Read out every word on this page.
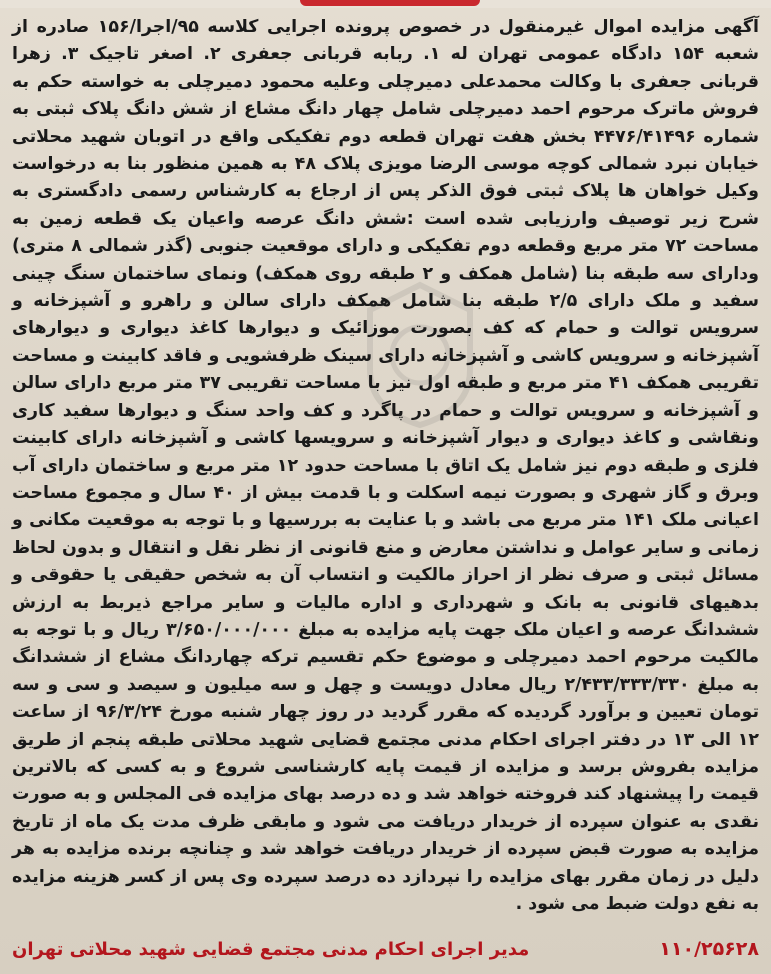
آگهی مزایده اموال غیرمنقول در خصوص پرونده اجرایی کلاسه ۹۵/اجرا/۱۵۶ صادره از شعبه ۱۵۴ دادگاه عمومی تهران له ۱. ربابه قربانی جعفری ۲. اصغر تاجیک ۳. زهرا قربانی جعفری با وکالت محمدعلی دمیرچلی وعلیه محمود دمیرچلی به خواسته حکم به فروش ماترک مرحوم احمد دمیرچلی شامل چهار دانگ مشاع از شش دانگ پلاک ثبتی به شماره ۴۴۷۶/۴۱۴۹۶ بخش هفت تهران قطعه دوم تفکیکی واقع در اتوبان شهید محلاتی خیابان نبرد شمالی کوچه موسی الرضا مویزی پلاک ۴۸ به همین منظور بنا به درخواست وکیل خواهان ها پلاک ثبتی فوق الذکر پس از ارجاع به کارشناس رسمی دادگستری به شرح زیر توصیف وارزیابی شده است :شش دانگ عرصه واعیان یک قطعه زمین به مساحت ۷۲ متر مربع وقطعه دوم تفکیکی و دارای موقعیت جنوبی (گذر شمالی ۸ متری) ودارای سه طبقه بنا (شامل همکف و ۲ طبقه روی همکف) ونمای ساختمان سنگ چینی سفید و ملک دارای ۲/۵ طبقه بنا شامل همکف دارای سالن و راهرو و آشپزخانه و سرویس توالت و حمام که کف بصورت موزائیک و دیوارها کاغذ دیواری و دیوارهای آشپزخانه و سرویس کاشی و آشپزخانه دارای سینک ظرفشویی و فاقد کابینت و مساحت تقریبی همکف ۴۱ متر مربع و طبقه اول نیز با مساحت تقریبی ۳۷ متر مربع دارای سالن و آشپزخانه و سرویس توالت و حمام در پاگرد و کف واحد سنگ و دیوارها سفید کاری ونقاشی و کاغذ دیواری و دیوار آشپزخانه و سرویسها کاشی و آشپزخانه دارای کابینت فلزی و طبقه دوم نیز شامل یک اتاق با مساحت حدود ۱۲ متر مربع و ساختمان دارای آب وبرق و گاز شهری و بصورت نیمه اسکلت و با قدمت بیش از ۴۰ سال و مجموع مساحت اعیانی ملک ۱۴۱ متر مربع می باشد و با عنایت به بررسیها و با توجه به موقعیت مکانی و زمانی و سایر عوامل و نداشتن معارض و منع قانونی از نظر نقل و انتقال و بدون لحاظ مسائل ثبتی و صرف نظر از احراز مالکیت و انتساب آن به شخص حقیقی یا حقوقی و بدهیهای قانونی به بانک و شهرداری و اداره مالیات و سایر مراجع ذیربط به ارزش ششدانگ عرصه و اعیان ملک جهت پایه مزایده به مبلغ ۳/۶۵۰/۰۰۰/۰۰۰ ریال و با توجه به مالکیت مرحوم احمد دمیرچلی و موضوع حکم تقسیم ترکه چهاردانگ مشاع از ششدانگ به مبلغ ۲/۴۳۳/۳۳۳/۳۳۰ ریال معادل دویست و چهل و سه میلیون و سیصد و سی و سه تومان تعیین و برآورد گردیده که مقرر گردید در روز چهار شنبه مورخ ۹۶/۳/۲۴ از ساعت ۱۲ الی ۱۳ در دفتر اجرای احکام مدنی مجتمع قضایی شهید محلاتی طبقه پنجم از طریق مزایده بفروش برسد و مزایده از قیمت پایه کارشناسی شروع و به کسی که بالاترین قیمت را پیشنهاد کند فروخته خواهد شد و ده درصد بهای مزایده فی المجلس و به صورت نقدی به عنوان سپرده از خریدار دریافت می شود و مابقی ظرف مدت یک ماه از تاریخ مزایده به صورت قبض سپرده از خریدار دریافت خواهد شد و چنانچه برنده مزایده به هر دلیل در زمان مقرر بهای مزایده را نپردازد ده درصد سپرده وی پس از کسر هزینه مزایده به نفع دولت ضبط می شود .

مدیر اجرای احکام مدنی مجتمع قضایی شهید محلاتی تهران	۱۱۰/۲۵۶۲۸
